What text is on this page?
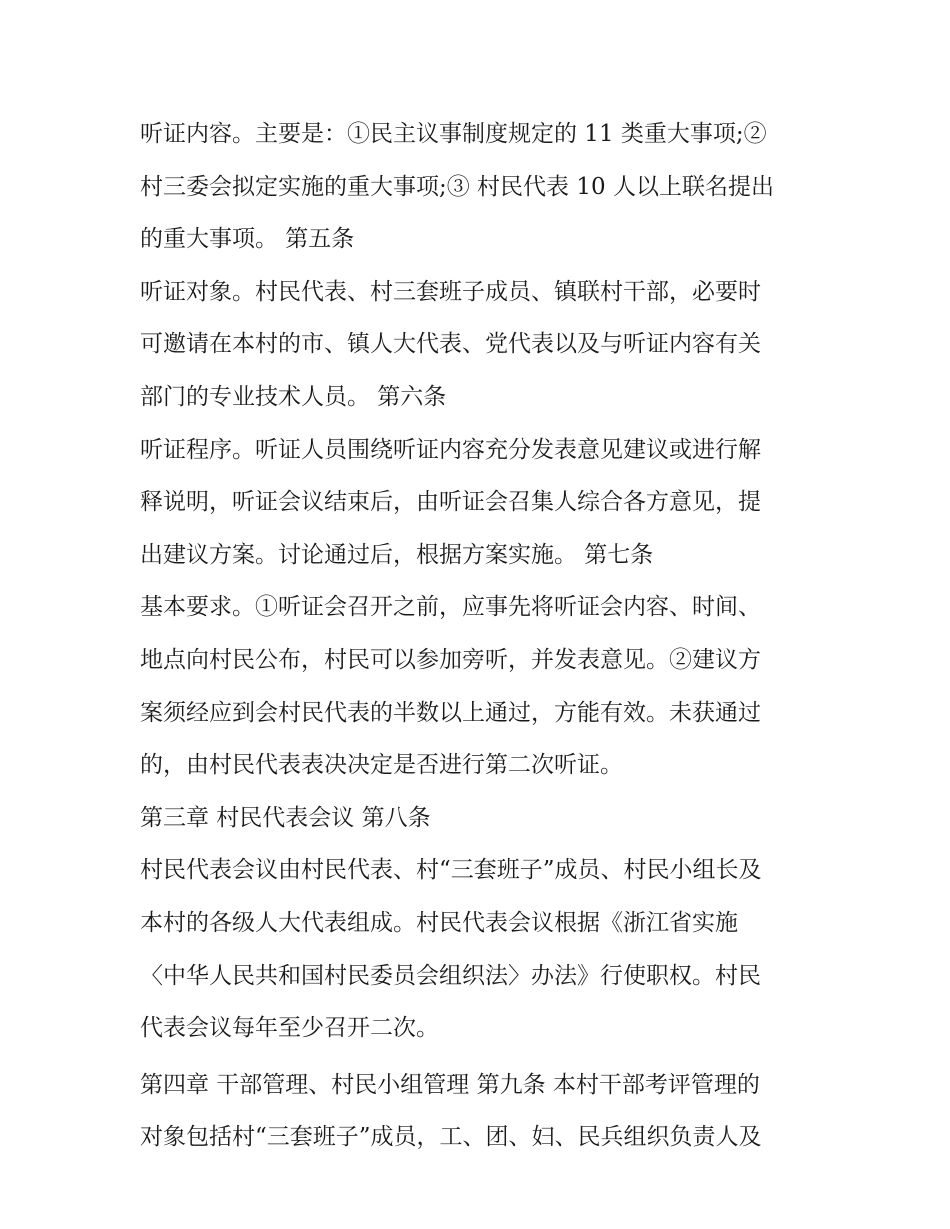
听证内容。主要是：①民主议事制度规定的 11 类重大事项;②
村三委会拟定实施的重大事项;③ 村民代表 10 人以上联名提出
的重大事项。 第五条
听证对象。村民代表、村三套班子成员、镇联村干部，必要时
可邀请在本村的市、镇人大代表、党代表以及与听证内容有关
部门的专业技术人员。 第六条
听证程序。听证人员围绕听证内容充分发表意见建议或进行解
释说明，听证会议结束后，由听证会召集人综合各方意见，提
出建议方案。讨论通过后，根据方案实施。 第七条
基本要求。①听证会召开之前，应事先将听证会内容、时间、
地点向村民公布，村民可以参加旁听，并发表意见。②建议方
案须经应到会村民代表的半数以上通过，方能有效。未获通过
的，由村民代表表决决定是否进行第二次听证。
第三章 村民代表会议 第八条
村民代表会议由村民代表、村“三套班子”成员、村民小组长及
本村的各级人大代表组成。村民代表会议根据《浙江省实施
〈中华人民共和国村民委员会组织法〉办法》行使职权。村民
代表会议每年至少召开二次。
第四章 干部管理、村民小组管理 第九条 本村干部考评管理的
对象包括村“三套班子”成员，工、团、妇、民兵组织负责人及
